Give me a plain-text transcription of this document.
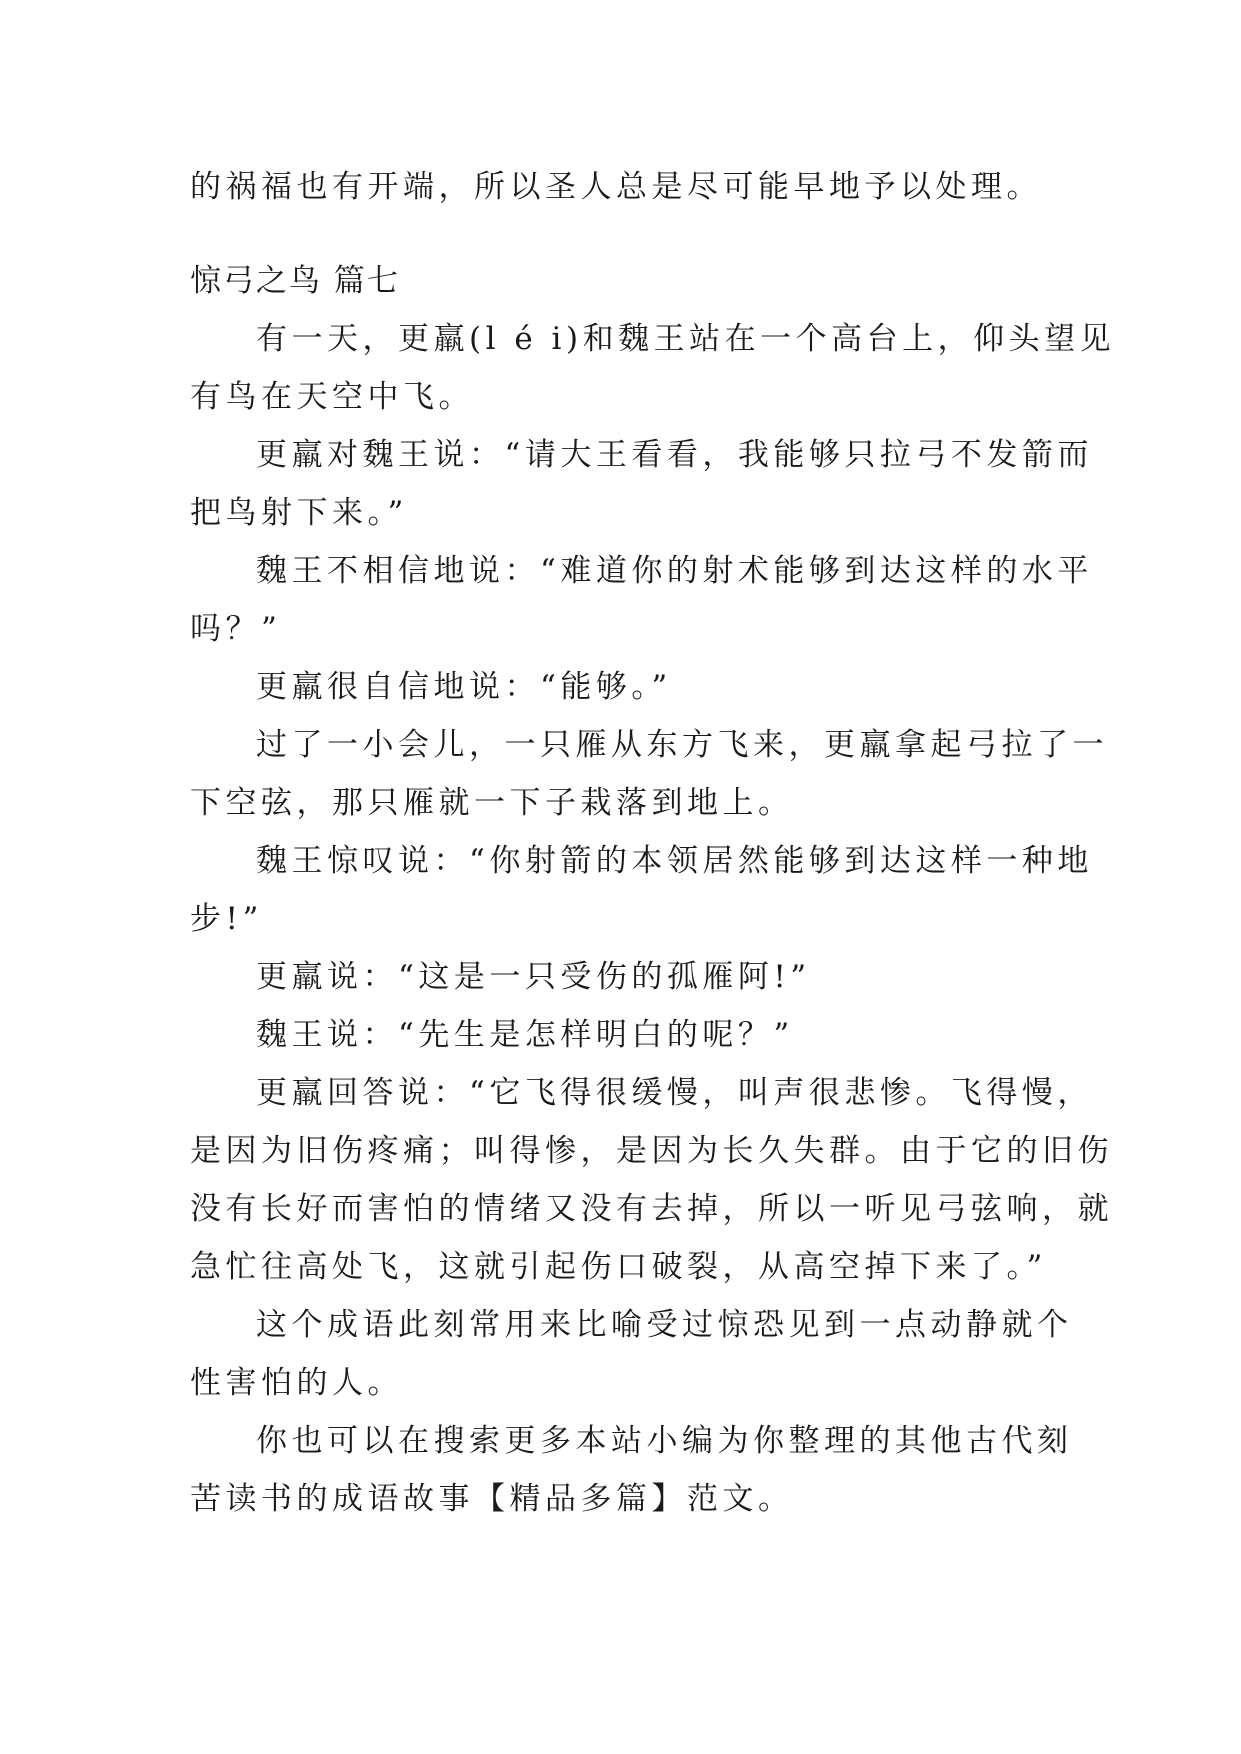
的祸福也有开端，所以圣人总是尽可能早地予以处理。

惊弓之鸟 篇七

有一天，更羸(l é i)和魏王站在一个高台上，仰头望见

有鸟在天空中飞。

更羸对魏王说：“请大王看看，我能够只拉弓不发箭而

把鸟射下来。”

魏王不相信地说：“难道你的射术能够到达这样的水平

吗？”

更羸很自信地说：“能够。”

过了一小会儿，一只雁从东方飞来，更羸拿起弓拉了一

下空弦，那只雁就一下子栽落到地上。

魏王惊叹说：“你射箭的本领居然能够到达这样一种地

步!”

更羸说：“这是一只受伤的孤雁阿!”

魏王说：“先生是怎样明白的呢？”

更羸回答说：“它飞得很缓慢，叫声很悲惨。飞得慢，

是因为旧伤疼痛；叫得惨，是因为长久失群。由于它的旧伤

没有长好而害怕的情绪又没有去掉，所以一听见弓弦响，就

急忙往高处飞，这就引起伤口破裂，从高空掉下来了。”

这个成语此刻常用来比喻受过惊恐见到一点动静就个

性害怕的人。

你也可以在搜索更多本站小编为你整理的其他古代刻

苦读书的成语故事【精品多篇】范文。
